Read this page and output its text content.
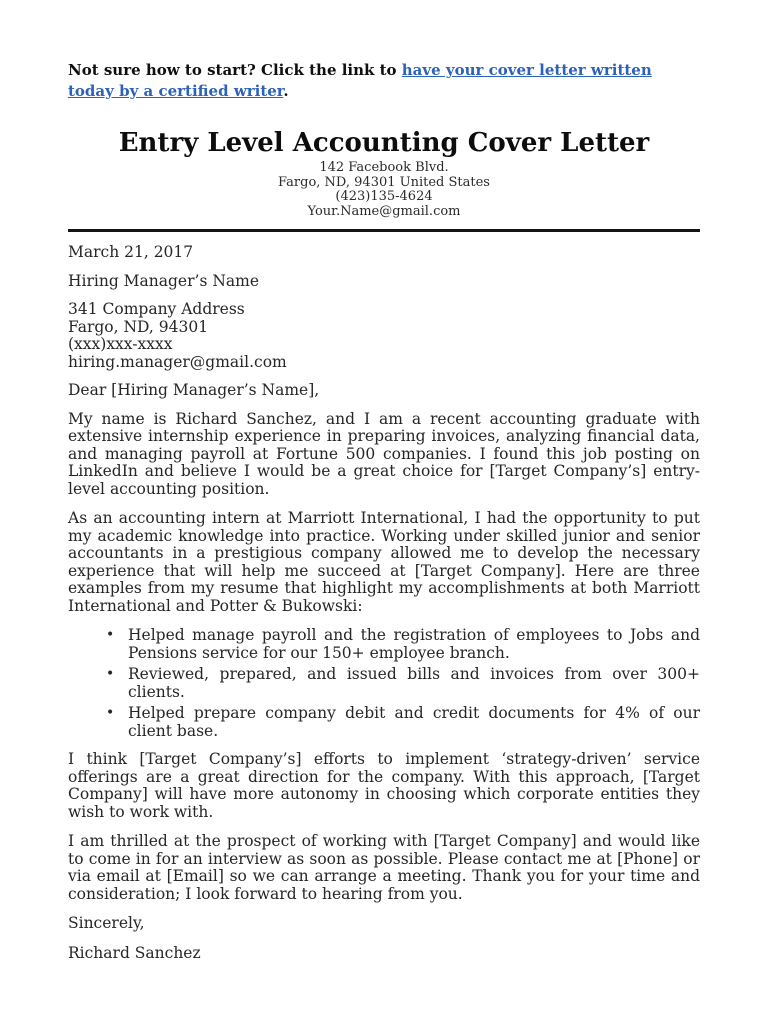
Not sure how to start? Click the link to have your cover letter written today by a certified writer.

Entry Level Accounting Cover Letter
142 Facebook Blvd.
Fargo, ND, 94301 United States
(423)135-4624
Your.Name@gmail.com

March 21, 2017

Hiring Manager’s Name

341 Company Address

Fargo, ND, 94301

(xxx)xxx-xxxx

hiring.manager@gmail.com

Dear [Hiring Manager’s Name],

My name is Richard Sanchez, and I am a recent accounting graduate with extensive internship experience in preparing invoices, analyzing financial data, and managing payroll at Fortune 500 companies. I found this job posting on LinkedIn and believe I would be a great choice for [Target Company’s] entry-level accounting position.

As an accounting intern at Marriott International, I had the opportunity to put my academic knowledge into practice. Working under skilled junior and senior accountants in a prestigious company allowed me to develop the necessary experience that will help me succeed at [Target Company]. Here are three examples from my resume that highlight my accomplishments at both Marriott International and Potter & Bukowski:

• Helped manage payroll and the registration of employees to Jobs and Pensions service for our 150+ employee branch.
• Reviewed, prepared, and issued bills and invoices from over 300+ clients.
• Helped prepare company debit and credit documents for 4% of our client base.

I think [Target Company’s] efforts to implement ‘strategy-driven’ service offerings are a great direction for the company. With this approach, [Target Company] will have more autonomy in choosing which corporate entities they wish to work with.

I am thrilled at the prospect of working with [Target Company] and would like to come in for an interview as soon as possible. Please contact me at [Phone] or via email at [Email] so we can arrange a meeting. Thank you for your time and consideration; I look forward to hearing from you.

Sincerely,

Richard Sanchez
